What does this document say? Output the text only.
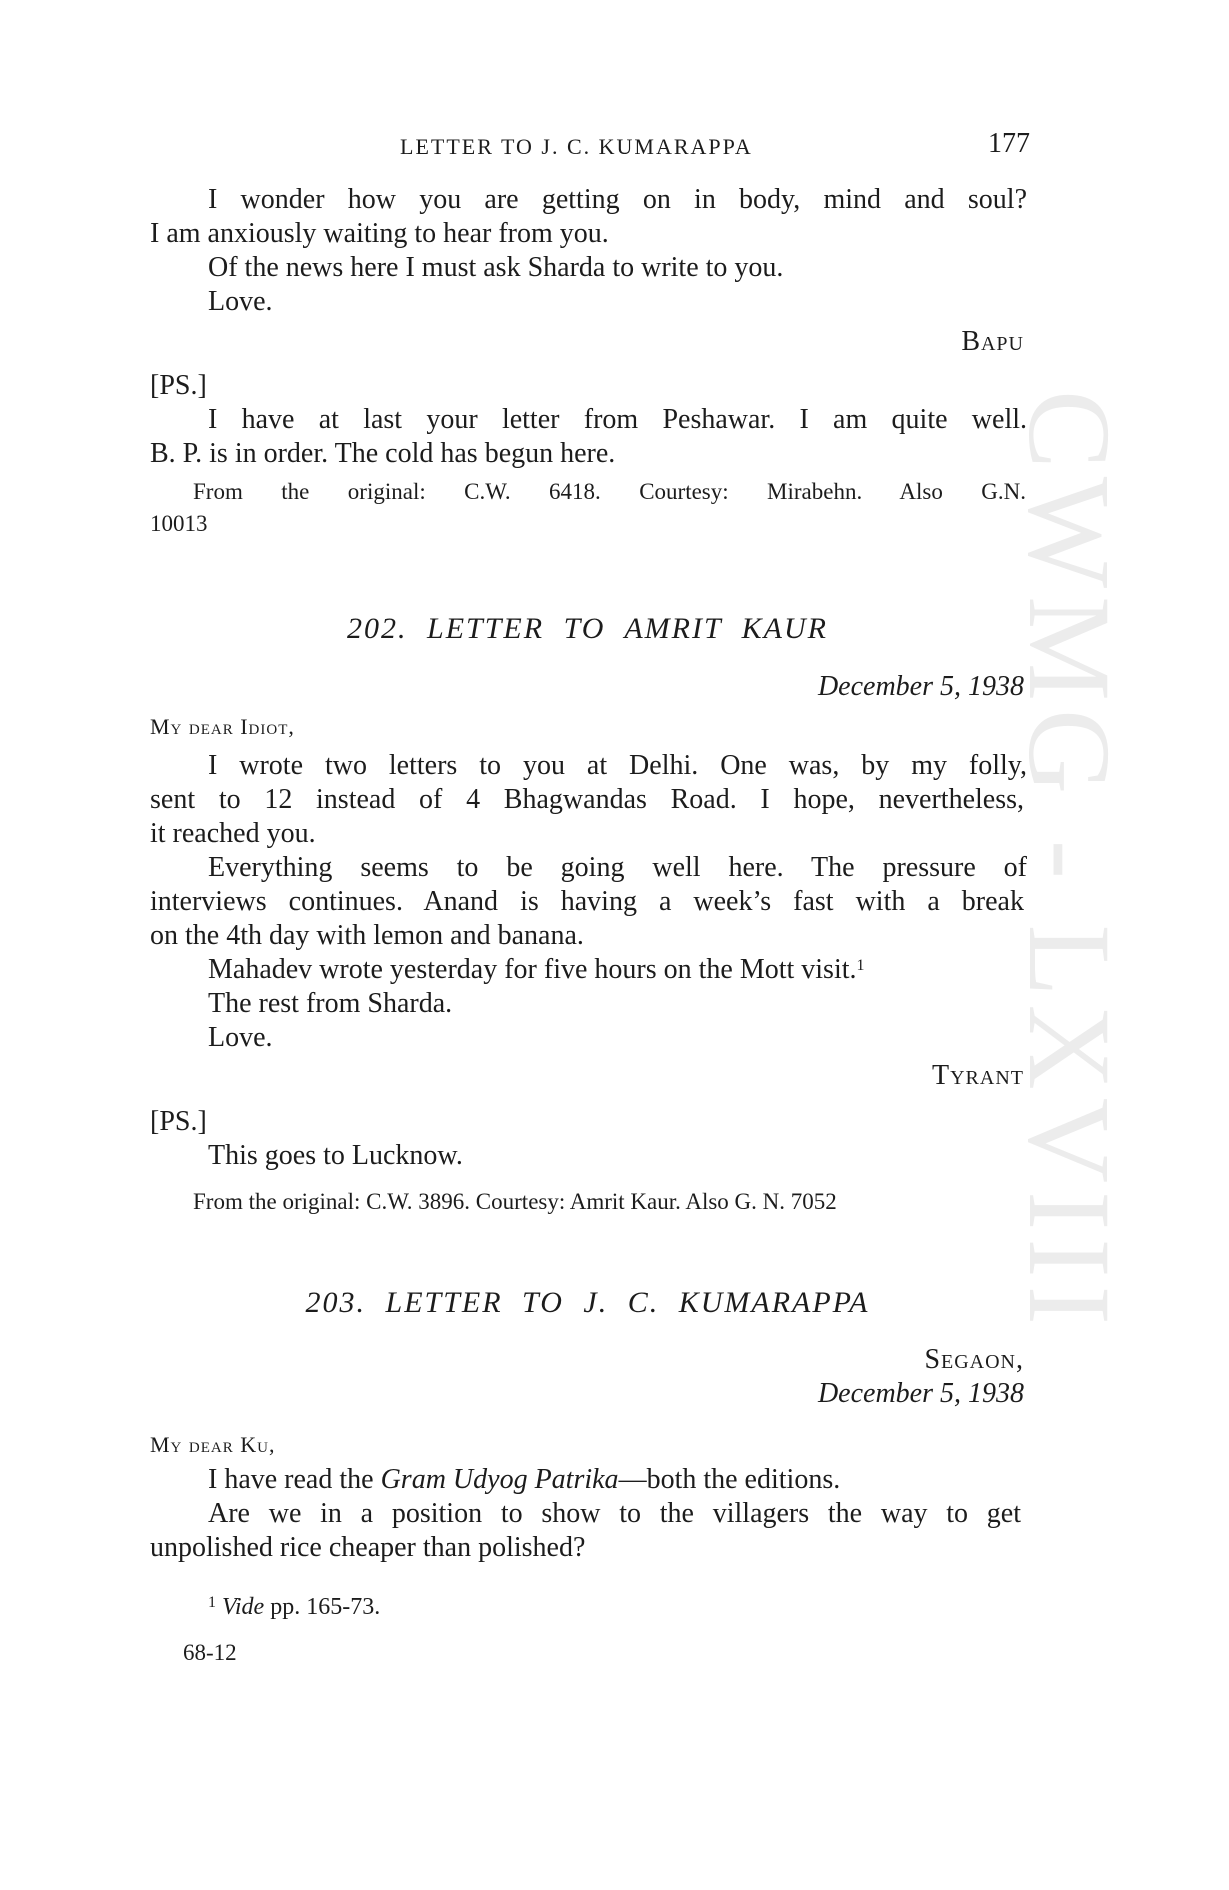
CWMG - LXVIII
LETTER TO J. C. KUMARAPPA	177
I wonder how you are getting on in body, mind and soul?
I am anxiously waiting to hear from you.
Of the news here I must ask Sharda to write to you.
Love.
Bapu
[PS.]
I have at last your letter from Peshawar. I am quite well.
B. P. is in order. The cold has begun here.
From the original: C.W. 6418. Courtesy: Mirabehn. Also G.N.
10013
202. LETTER TO AMRIT KAUR
December 5, 1938
My dear Idiot,
I wrote two letters to you at Delhi. One was, by my folly,
sent to 12 instead of 4 Bhagwandas Road. I hope, nevertheless,
it reached you.
Everything seems to be going well here. The pressure of
interviews continues. Anand is having a week’s fast with a break
on the 4th day with lemon and banana.
Mahadev wrote yesterday for five hours on the Mott visit.$^1$
The rest from Sharda.
Love.
Tyrant
[PS.]
This goes to Lucknow.
From the original: C.W. 3896. Courtesy: Amrit Kaur. Also G. N. 7052
203. LETTER TO J. C. KUMARAPPA
Segaon,
December 5, 1938
My dear Ku,
I have read the Gram Udyog Patrika—both the editions.
Are we in a position to show to the villagers the way to get
unpolished rice cheaper than polished?
$^1$ Vide pp. 165-73.
68-12
